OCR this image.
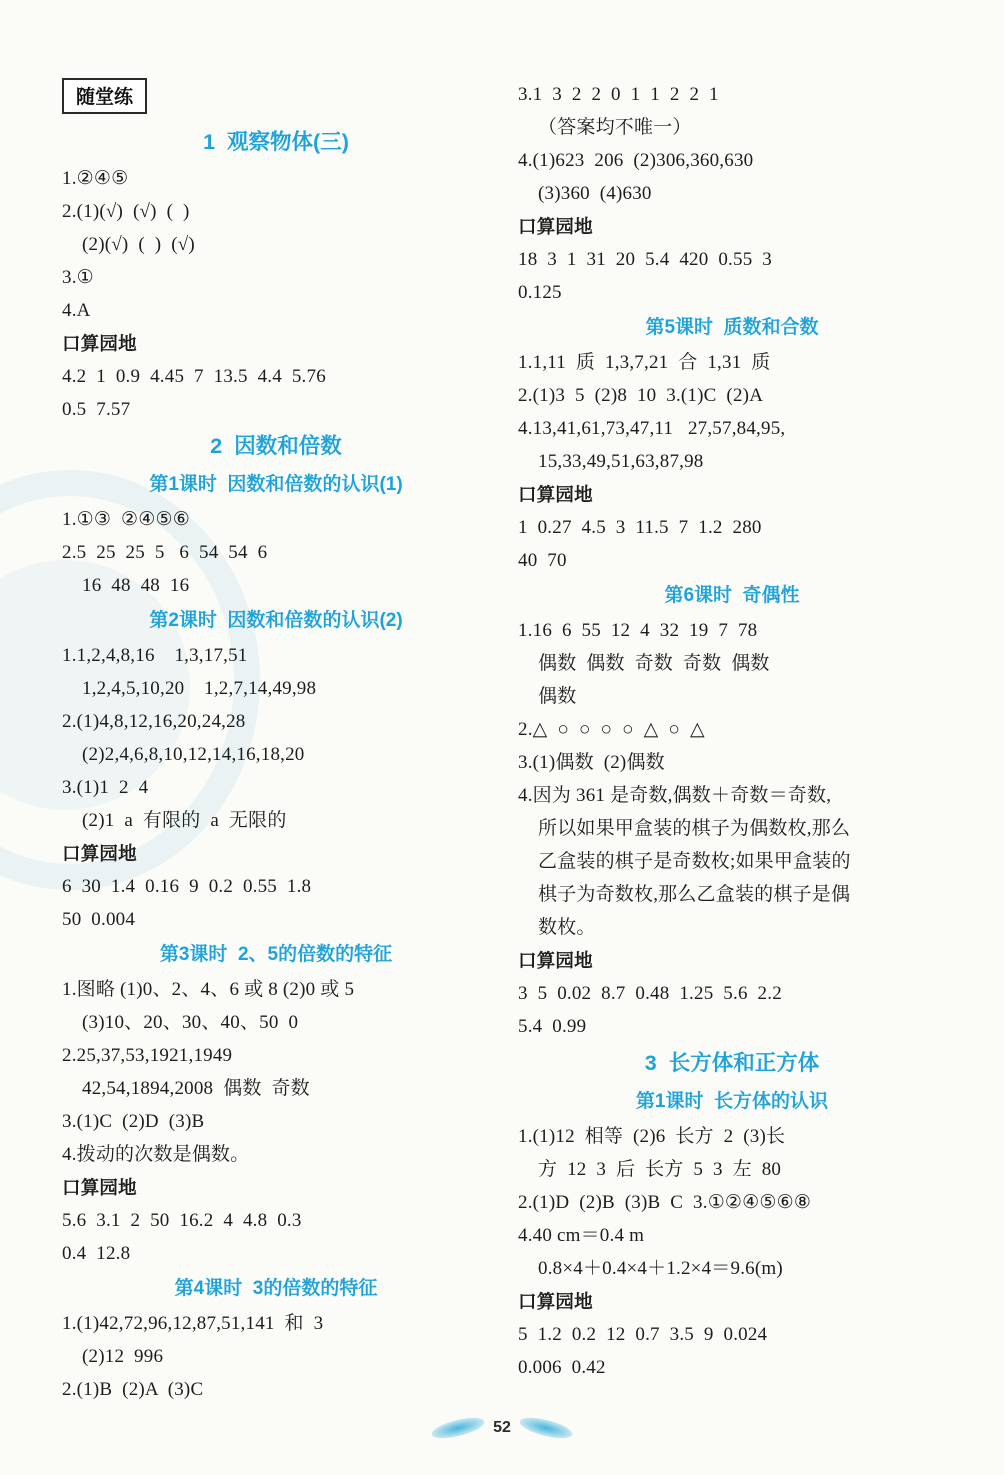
随堂练
1  观察物体(三)
1.②④⑤
2.(1)(√)  (√)  (  )
(2)(√)  (  )  (√)
3.①
4.A
口算园地
4.2  1  0.9  4.45  7  13.5  4.4  5.76
0.5  7.57
2  因数和倍数
第1课时  因数和倍数的认识(1)
1.①③  ②④⑤⑥
2.5  25  25  5   6  54  54  6
16  48  48  16
第2课时  因数和倍数的认识(2)
1.1,2,4,8,16    1,3,17,51
1,2,4,5,10,20    1,2,7,14,49,98
2.(1)4,8,12,16,20,24,28
(2)2,4,6,8,10,12,14,16,18,20
3.(1)1  2  4
(2)1  a  有限的  a  无限的
口算园地
6  30  1.4  0.16  9  0.2  0.55  1.8
50  0.004
第3课时  2、5的倍数的特征
1.图略 (1)0、2、4、6 或 8 (2)0 或 5
(3)10、20、30、40、50  0
2.25,37,53,1921,1949
42,54,1894,2008  偶数  奇数
3.(1)C  (2)D  (3)B
4.拨动的次数是偶数。
口算园地
5.6  3.1  2  50  16.2  4  4.8  0.3
0.4  12.8
第4课时  3的倍数的特征
1.(1)42,72,96,12,87,51,141  和  3
(2)12  996
2.(1)B  (2)A  (3)C
3.1  3  2  2  0  1  1  2  2  1
（答案均不唯一）
4.(1)623  206  (2)306,360,630
(3)360  (4)630
口算园地
18  3  1  31  20  5.4  420  0.55  3
0.125
第5课时  质数和合数
1.1,11  质  1,3,7,21  合  1,31  质
2.(1)3  5  (2)8  10  3.(1)C  (2)A
4.13,41,61,73,47,11   27,57,84,95,
15,33,49,51,63,87,98
口算园地
1  0.27  4.5  3  11.5  7  1.2  280
40  70
第6课时  奇偶性
1.16  6  55  12  4  32  19  7  78
偶数  偶数  奇数  奇数  偶数
偶数
2.△  ○  ○  ○  ○  △  ○  △
3.(1)偶数  (2)偶数
4.因为 361 是奇数,偶数＋奇数＝奇数,
所以如果甲盒装的棋子为偶数枚,那么
乙盒装的棋子是奇数枚;如果甲盒装的
棋子为奇数枚,那么乙盒装的棋子是偶
数枚。
口算园地
3  5  0.02  8.7  0.48  1.25  5.6  2.2
5.4  0.99
3  长方体和正方体
第1课时  长方体的认识
1.(1)12  相等  (2)6  长方  2  (3)长
方  12  3  后  长方  5  3  左  80
2.(1)D  (2)B  (3)B  C  3.①②④⑤⑥⑧
4.40 cm＝0.4 m
0.8×4＋0.4×4＋1.2×4＝9.6(m)
口算园地
5  1.2  0.2  12  0.7  3.5  9  0.024
0.006  0.42
52
